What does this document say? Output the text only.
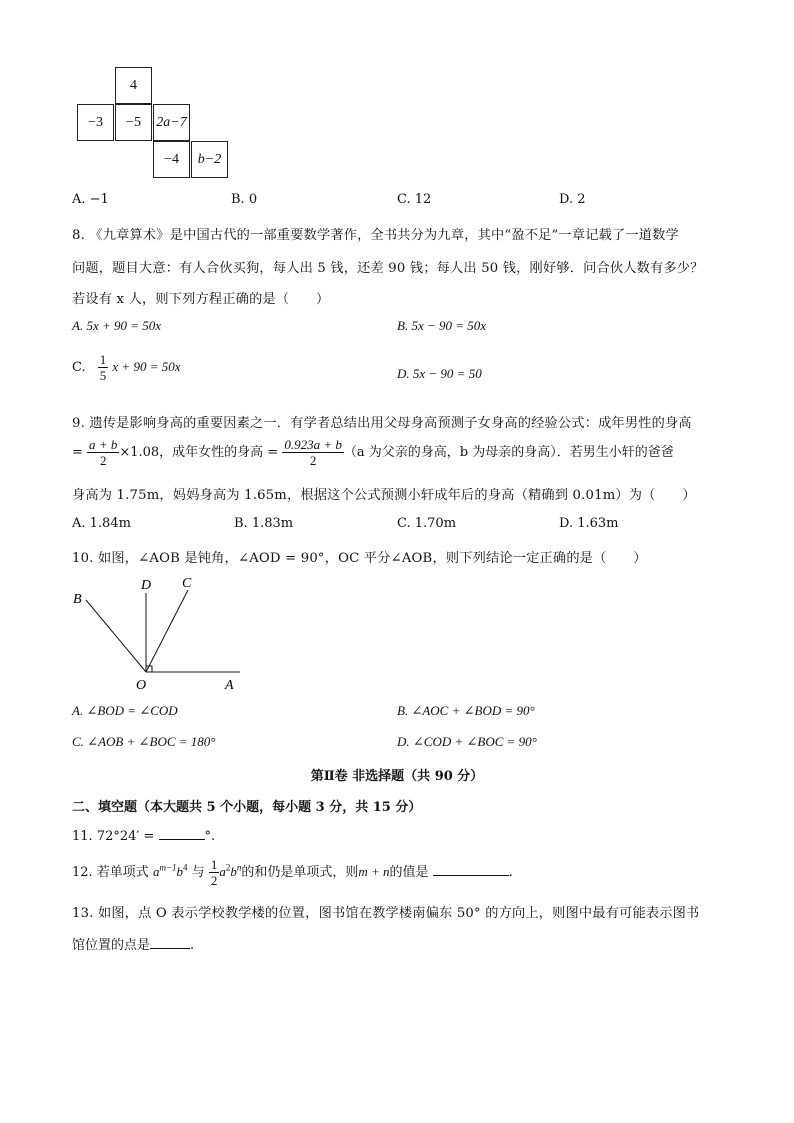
4
−3	−5	2a−7
−4	b−2
A. −1	B. 0	C. 12	D. 2
8. 《九章算术》是中国古代的一部重要数学著作，全书共分为九章，其中“盈不足”一章记载了一道数学
问题，题目大意：有人合伙买狗，每人出 5 钱，还差 90 钱；每人出 50 钱，刚好够．问合伙人数有多少？
若设有 x 人，则下列方程正确的是（　　）
A. 5x + 90 = 50x	B. 5x − 90 = 50x
C. $\frac{1}{5}$ x + 90 = 50x	D. 5x − 90 = 50
9. 遗传是影响身高的重要因素之一．有学者总结出用父母身高预测子女身高的经验公式：成年男性的身高
= $\frac{a + b}{2} \times 1.08$，成年女性的身高 = $\frac{0.923a + b}{2} (a$ 为父亲的身高，b 为母亲的身高）．若男生小轩的爸爸
身高为 1.75m，妈妈身高为 1.65m，根据这个公式预测小轩成年后的身高（精确到 0.01m）为（　　）
A. 1.84m	B. 1.83m	C. 1.70m	D. 1.63m
10. 如图，∠AOB 是钝角，∠AOD = 90°，OC 平分∠AOB，则下列结论一定正确的是（　　）
B
D C
O	A
A. ∠BOD = ∠COD	B. ∠AOC + ∠BOD = 90°
C. ∠AOB + ∠BOC = 180°	D. ∠COD + ∠BOC = 90°
第Ⅱ卷 非选择题（共 90 分）
二、填空题（本大题共 5 个小题，每小题 3 分，共 15 分）
11. 72°24′ =	°.
12. 若单项式 $a^{m-1}b^4$ 与 $\frac{1}{2} a^2b^n$的和仍是单项式，则m + n的值是	.
13. 如图，点 O 表示学校教学楼的位置，图书馆在教学楼南偏东 50° 的方向上，则图中最有可能表示图书
馆位置的点是	.
